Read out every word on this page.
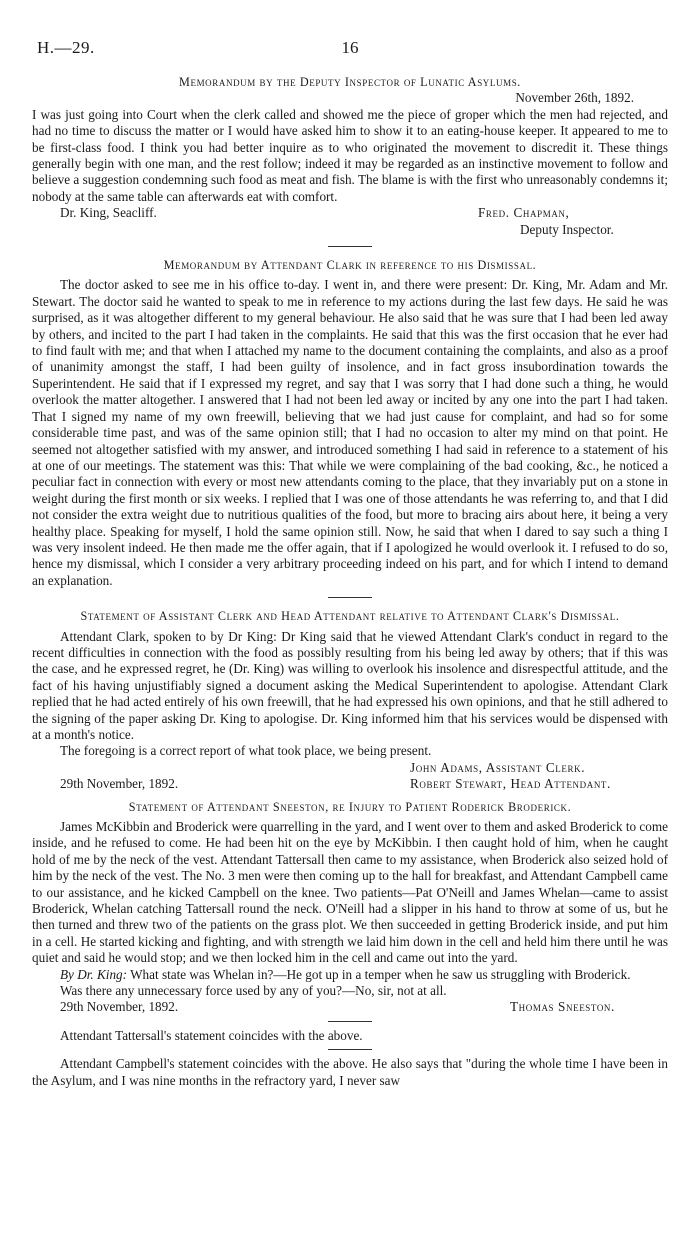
H.—29.	16
Memorandum by the Deputy Inspector of Lunatic Asylums.
November 26th, 1892.

I was just going into Court when the clerk called and showed me the piece of groper which the men had rejected, and had no time to discuss the matter or I would have asked him to show it to an eating-house keeper. It appeared to me to be first-class food. I think you had better inquire as to who originated the movement to discredit it. These things generally begin with one man, and the rest follow; indeed it may be regarded as an instinctive movement to follow and believe a suggestion condemning such food as meat and fish. The blame is with the first who unreasonably condemns it; nobody at the same table can afterwards eat with comfort.

Dr. King, Seacliff.	Fred. Chapman,
Deputy Inspector.
Memorandum by Attendant Clark in reference to his Dismissal.

The doctor asked to see me in his office to-day. I went in, and there were present: Dr. King, Mr. Adam and Mr. Stewart. The doctor said he wanted to speak to me in reference to my actions during the last few days. He said he was surprised, as it was altogether different to my general behaviour. He also said that he was sure that I had been led away by others, and incited to the part I had taken in the complaints. He said that this was the first occasion that he ever had to find fault with me; and that when I attached my name to the document containing the complaints, and also as a proof of unanimity amongst the staff, I had been guilty of insolence, and in fact gross insubordination towards the Superintendent. He said that if I expressed my regret, and say that I was sorry that I had done such a thing, he would overlook the matter altogether. I answered that I had not been led away or incited by any one into the part I had taken. That I signed my name of my own freewill, believing that we had just cause for complaint, and had so for some considerable time past, and was of the same opinion still; that I had no occasion to alter my mind on that point. He seemed not altogether satisfied with my answer, and introduced something I had said in reference to a statement of his at one of our meetings. The statement was this: That while we were complaining of the bad cooking, &c., he noticed a peculiar fact in connection with every or most new attendants coming to the place, that they invariably put on a stone in weight during the first month or six weeks. I replied that I was one of those attendants he was referring to, and that I did not consider the extra weight due to nutritious qualities of the food, but more to bracing airs about here, it being a very healthy place. Speaking for myself, I hold the same opinion still. Now, he said that when I dared to say such a thing I was very insolent indeed. He then made me the offer again, that if I apologized he would overlook it. I refused to do so, hence my dismissal, which I consider a very arbitrary proceeding indeed on his part, and for which I intend to demand an explanation.

Statement of Assistant Clerk and Head Attendant relative to Attendant Clark's Dismissal.

Attendant Clark, spoken to by Dr King: Dr King said that he viewed Attendant Clark's conduct in regard to the recent difficulties in connection with the food as possibly resulting from his being led away by others; that if this was the case, and he expressed regret, he (Dr. King) was willing to overlook his insolence and disrespectful attitude, and the fact of his having unjustifiably signed a document asking the Medical Superintendent to apologise. Attendant Clark replied that he had acted entirely of his own freewill, that he had expressed his own opinions, and that he still adhered to the signing of the paper asking Dr. King to apologise. Dr. King informed him that his services would be dispensed with at a month's notice.

The foregoing is a correct report of what took place, we being present.

John Adams, Assistant Clerk.
29th November, 1892.	Robert Stewart, Head Attendant.
Statement of Attendant Sneeston, re Injury to Patient Roderick Broderick.

James McKibbin and Broderick were quarrelling in the yard, and I went over to them and asked Broderick to come inside, and he refused to come. He had been hit on the eye by McKibbin. I then caught hold of him, when he caught hold of me by the neck of the vest. Attendant Tattersall then came to my assistance, when Broderick also seized hold of him by the neck of the vest. The No. 3 men were then coming up to the hall for breakfast, and Attendant Campbell came to our assistance, and he kicked Campbell on the knee. Two patients—Pat O'Neill and James Whelan—came to assist Broderick, Whelan catching Tattersall round the neck. O'Neill had a slipper in his hand to throw at some of us, but he then turned and threw two of the patients on the grass plot. We then succeeded in getting Broderick inside, and put him in a cell. He started kicking and fighting, and with strength we laid him down in the cell and held him there until he was quiet and said he would stop; and we then locked him in the cell and came out into the yard.

By Dr. King: What state was Whelan in?—He got up in a temper when he saw us struggling with Broderick.

Was there any unnecessary force used by any of you?—No, sir, not at all.

29th November, 1892.	Thomas Sneeston.

Attendant Tattersall's statement coincides with the above.

Attendant Campbell's statement coincides with the above. He also says that "during the whole time I have been in the Asylum, and I was nine months in the refractory yard, I never saw
